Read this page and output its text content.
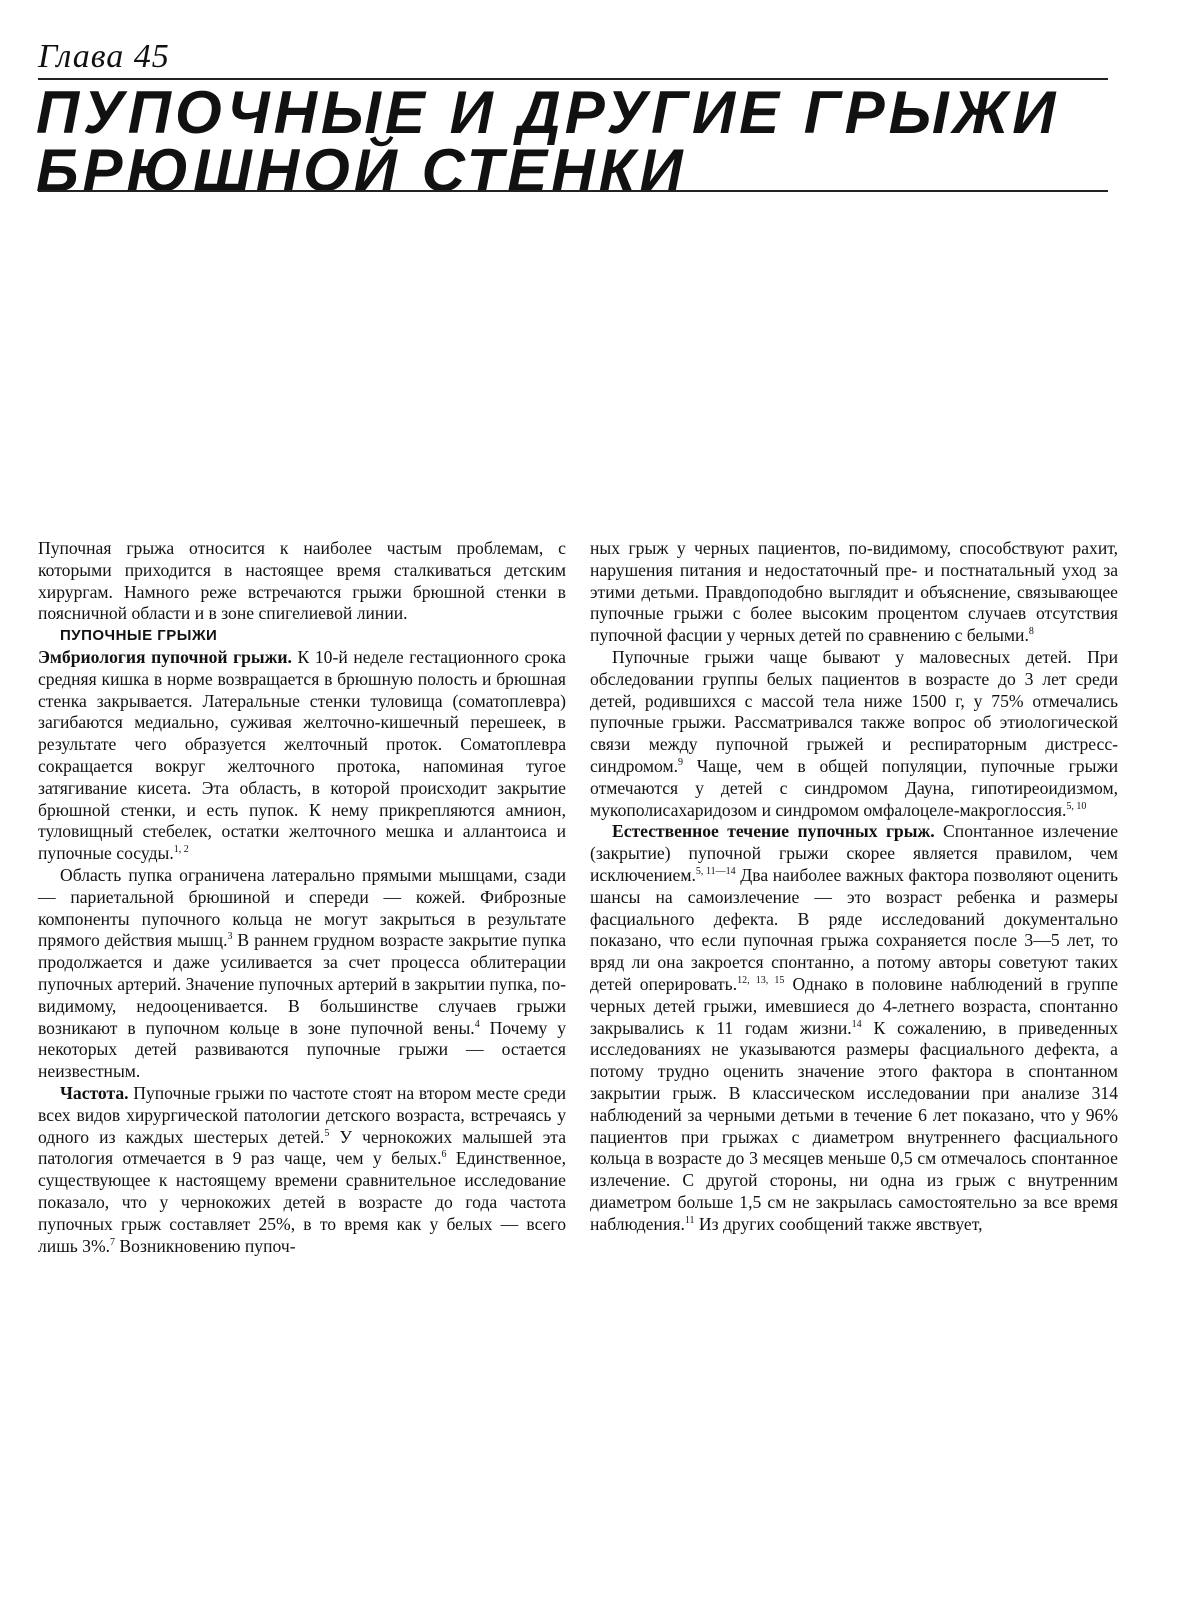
Глава 45
ПУПОЧНЫЕ И ДРУГИЕ ГРЫЖИ БРЮШНОЙ СТЕНКИ

Пупочная грыжа относится к наиболее частым проблемам, с которыми приходится в настоящее время сталкиваться детским хирургам. Намного реже встречаются грыжи брюшной стенки в поясничной области и в зоне спигелиевой линии.

ПУПОЧНЫЕ ГРЫЖИ

Эмбриология пупочной грыжи. К 10-й неделе гестационного срока средняя кишка в норме возвращается в брюшную полость и брюшная стенка закрывается. Латеральные стенки туловища (соматоплевра) загибаются медиально, суживая желточно-кишечный перешеек, в результате чего образуется желточный проток. Соматоплевра сокращается вокруг желточного протока, напоминая тугое затягивание кисета. Эта область, в которой происходит закрытие брюшной стенки, и есть пупок. К нему прикрепляются амнион, туловищный стебелек, остатки желточного мешка и аллантоиса и пупочные сосуды.$^{1, 2}$

Область пупка ограничена латерально прямыми мышцами, сзади — париетальной брюшиной и спереди — кожей. Фиброзные компоненты пупочного кольца не могут закрыться в результате прямого действия мышц.$^3$ В раннем грудном возрасте закрытие пупка продолжается и даже усиливается за счет процесса облитерации пупочных артерий. Значение пупочных артерий в закрытии пупка, по-видимому, недооценивается. В большинстве случаев грыжи возникают в пупочном кольце в зоне пупочной вены.$^4$ Почему у некоторых детей развиваются пупочные грыжи — остается неизвестным.

Частота. Пупочные грыжи по частоте стоят на втором месте среди всех видов хирургической патологии детского возраста, встречаясь у одного из каждых шестерых детей.$^5$ У чернокожих малышей эта патология отмечается в 9 раз чаще, чем у белых.$^6$ Единственное, существующее к настоящему времени сравнительное исследование показало, что у чернокожих детей в возрасте до года частота пупочных грыж составляет 25%, в то время как у белых — всего лишь 3%.$^7$ Возникновению пупоч-

ных грыж у черных пациентов, по-видимому, способствуют рахит, нарушения питания и недостаточный пре- и постнатальный уход за этими детьми. Правдоподобно выглядит и объяснение, связывающее пупочные грыжи с более высоким процентом случаев отсутствия пупочной фасции у черных детей по сравнению с белыми.$^8$

Пупочные грыжи чаще бывают у маловесных детей. При обследовании группы белых пациентов в возрасте до 3 лет среди детей, родившихся с массой тела ниже 1500 г, у 75% отмечались пупочные грыжи. Рассматривался также вопрос об этиологической связи между пупочной грыжей и респираторным дистресс-синдромом.$^9$ Чаще, чем в общей популяции, пупочные грыжи отмечаются у детей с синдромом Дауна, гипотиреоидизмом, мукополисахаридозом и синдромом омфалоцеле-макроглоссия.$^{5, 10}$

Естественное течение пупочных грыж. Спонтанное излечение (закрытие) пупочной грыжи скорее является правилом, чем исключением.$^{5, 11—14}$ Два наиболее важных фактора позволяют оценить шансы на самоизлечение — это возраст ребенка и размеры фасциального дефекта. В ряде исследований документально показано, что если пупочная грыжа сохраняется после 3—5 лет, то вряд ли она закроется спонтанно, а потому авторы советуют таких детей оперировать.$^{12, 13, 15}$ Однако в половине наблюдений в группе черных детей грыжи, имевшиеся до 4-летнего возраста, спонтанно закрывались к 11 годам жизни.$^{14}$ К сожалению, в приведенных исследованиях не указываются размеры фасциального дефекта, а потому трудно оценить значение этого фактора в спонтанном закрытии грыж. В классическом исследовании при анализе 314 наблюдений за черными детьми в течение 6 лет показано, что у 96% пациентов при грыжах с диаметром внутреннего фасциального кольца в возрасте до 3 месяцев меньше 0,5 см отмечалось спонтанное излечение. С другой стороны, ни одна из грыж с внутренним диаметром больше 1,5 см не закрылась самостоятельно за все время наблюдения.$^{11}$ Из других сообщений также явствует,
